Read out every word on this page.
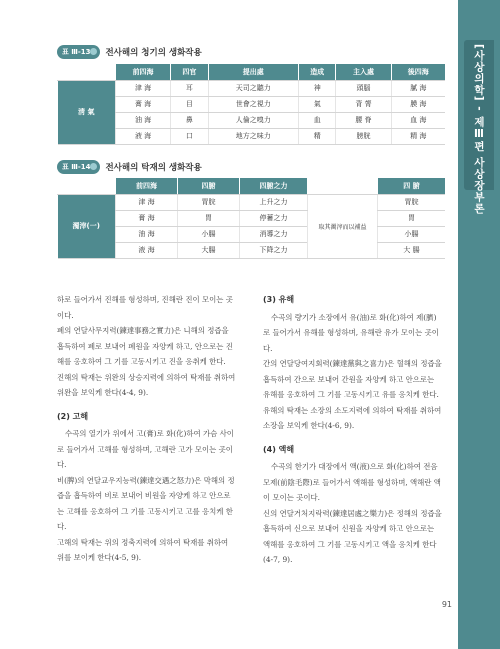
[사상의학] - 제Ⅲ편 사상장부론
표 Ⅲ-13	전사해의 청기의 생화작용
	前四海	四官	提出處	造成	主入處	後四海
淸 氣	津 海	耳	天司之聽力	神	頭腦	膩 海
	膏 海	目	世會之視力	氣	背 膂	膜 海
	油 海	鼻	人倫之嗅力	血	腰 脊	血 海
	液 海	口	地方之味力	精	膀胱	精 海
표 Ⅲ-14	전사해의 탁재의 생화작용
	前四海	四腑	四腑之力		四 腑
濁滓(一)	津 海	胃脘	上升之力	取其濁滓而以補益	胃脘
	膏 海	胃	停蓄之力		胃
	油 海	小腸	消導之力		小腸
	液 海	大腸	下降之力		大 腸

하로 들어가서 진해를 형성하며, 진해란 진이 모이는 곳이다.

폐의 연달사무지력(鍊達事務之實力)은 니해의 정즙을 흡득하여 폐로 보내어 폐원을 자양케 하고, 안으로는 진해를 옹호하여 그 기를 고동시키고 진을 응취케 한다.

진해의 탁재는 위완의 상승지력에 의하여 탁재를 취하여 위완을 보익케 한다(4-4, 9).

(2) 고해

수곡의 열기가 위에서 고(膏)로 화(化)하여 가슴 사이로 들어가서 고해를 형성하며, 고해란 고가 모이는 곳이다.

비(脾)의 연달교우지능력(鍊達交遇之怒力)은 막해의 정즙을 흡득하여 비로 보내어 비원을 자양케 하고 안으로는 고해를 옹호하여 그 기를 고동시키고 고를 응치케 한다.

고해의 탁재는 위의 정축지력에 의하여 탁재를 취하여 위를 보이케 한다(4-5, 9).

(3) 유해

수곡의 량기가 소장에서 유(油)로 화(化)하여 제(臍)로 들어가서 유해를 형성하며, 유해란 유가 모이는 곳이다.

간의 연달당여지회력(鍊達黨與之喜力)은 혈해의 정즙을 흡득하여 간으로 보내어 간원을 자양케 하고 안으로는 유해를 옹호하여 그 기를 고동시키고 유를 응치케 한다.

유해의 탁재는 소장의 소도지력에 의하여 탁재를 취하여 소장을 보익케 한다(4-6, 9).

(4) 액해

수곡의 한기가 대장에서 액(液)으로 화(化)하여 전음모제(前陰毛際)로 들어가서 액해를 형성하며, 액해란 액이 모이는 곳이다.

신의 연달거처지락력(鍊達居處之樂力)은 정해의 정즙을 흡득하여 신으로 보내어 신원을 자양케 하고 안으로는 액해를 옹호하여 그 기를 고동시키고 액을 응치케 한다(4-7, 9).

91
